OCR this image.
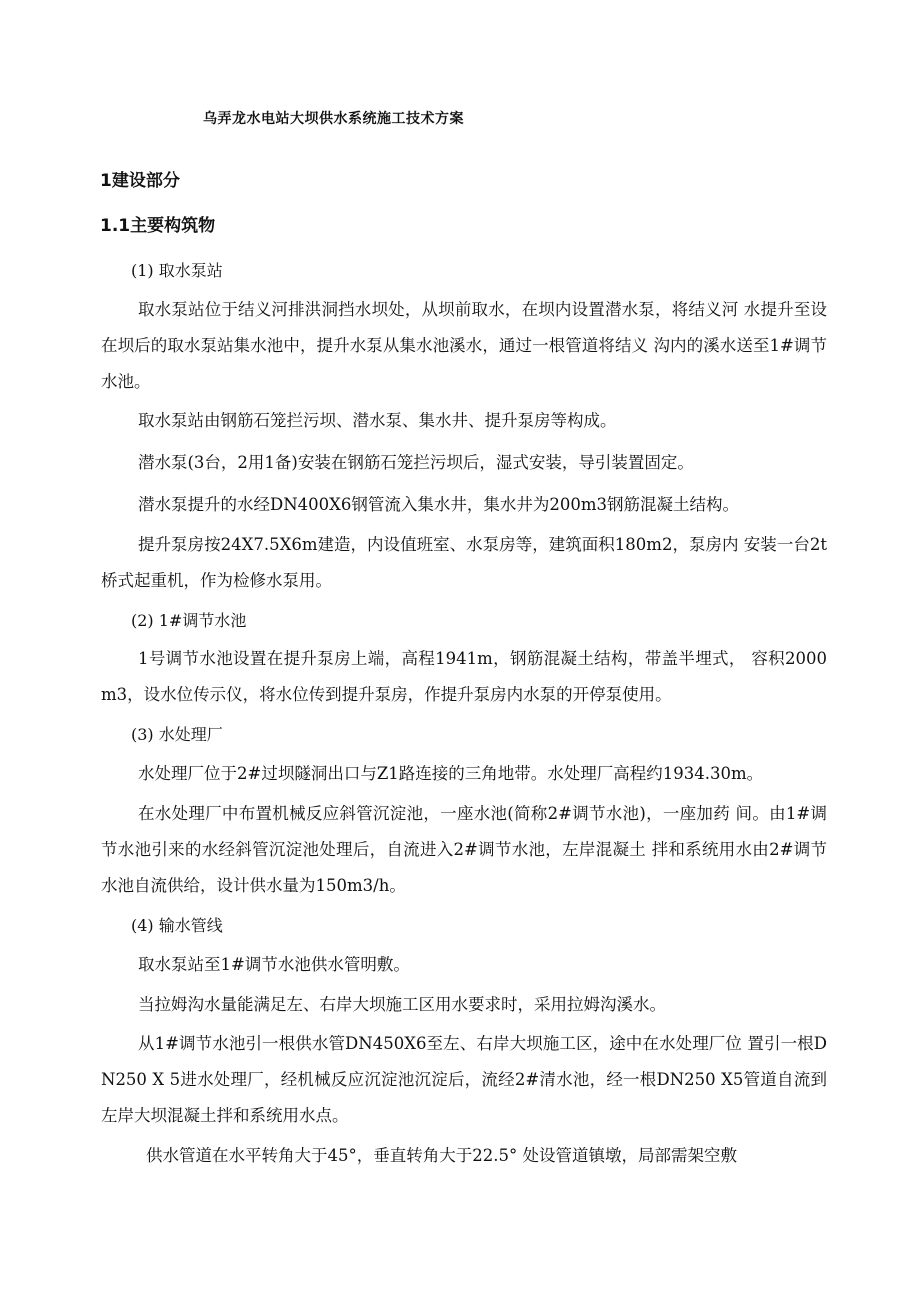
乌弄龙水电站大坝供水系统施工技术方案
1建设部分
1.1主要构筑物
(1) 取水泵站
取水泵站位于结义河排洪洞挡水坝处，从坝前取水，在坝内设置潜水泵，将结义河 水提升至设在坝后的取水泵站集水池中，提升水泵从集水池溪水，通过一根管道将结义 沟内的溪水送至1#调节水池。
取水泵站由钢筋石笼拦污坝、潜水泵、集水井、提升泵房等构成。
潜水泵(3台，2用1备)安装在钢筋石笼拦污坝后，湿式安装，导引装置固定。
潜水泵提升的水经DN400X6钢管流入集水井，集水井为200m3钢筋混凝土结构。
提升泵房按24X7.5X6m建造，内设值班室、水泵房等，建筑面积180m2，泵房内 安装一台2t桥式起重机，作为检修水泵用。
(2) 1#调节水池
1号调节水池设置在提升泵房上端，高程1941m，钢筋混凝土结构，带盖半埋式， 容积2000m3，设水位传示仪，将水位传到提升泵房，作提升泵房内水泵的开停泵使用。
(3) 水处理厂
水处理厂位于2#过坝隧洞出口与Z1路连接的三角地带。水处理厂高程约1934.30m。
在水处理厂中布置机械反应斜管沉淀池，一座水池(简称2#调节水池)，一座加药 间。由1#调节水池引来的水经斜管沉淀池处理后，自流进入2#调节水池，左岸混凝土 拌和系统用水由2#调节水池自流供给，设计供水量为150m3/h。
(4) 输水管线
取水泵站至1#调节水池供水管明敷。
当拉姆沟水量能满足左、右岸大坝施工区用水要求时，采用拉姆沟溪水。
从1#调节水池引一根供水管DN450X6至左、右岸大坝施工区，途中在水处理厂位 置引一根DN250 X 5进水处理厂，经机械反应沉淀池沉淀后，流经2#清水池，经一根DN250 X5管道自流到左岸大坝混凝土拌和系统用水点。
供水管道在水平转角大于45°，垂直转角大于22.5° 处设管道镇墩，局部需架空敷
